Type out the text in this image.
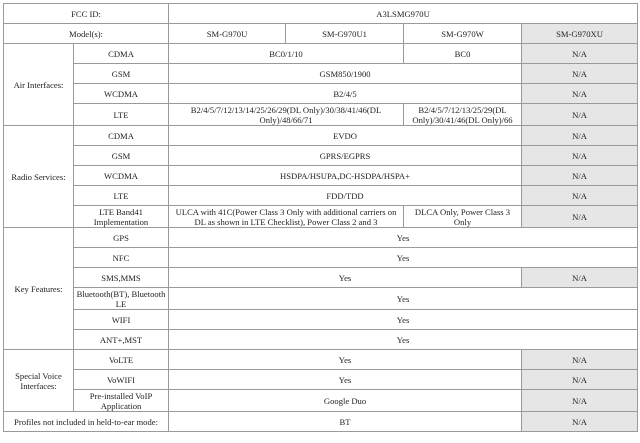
FCC ID:		A3LSMG970U			
Model(s):		SM-G970U	SM-G970U1	SM-G970W	SM-G970XU
Air Interfaces:	CDMA	BC0/1/10		BC0	N/A
	GSM	GSM850/1900			N/A
	WCDMA	B2/4/5			N/A
	LTE	B2/4/5/7/12/13/14/25/26/29(DL Only)/30/38/41/46(DL Only)/48/66/71		B2/4/5/7/12/13/25/29(DL Only)/30/41/46(DL Only)/66	N/A
Radio Services:	CDMA	EVDO			N/A
	GSM	GPRS/EGPRS			N/A
	WCDMA	HSDPA/HSUPA,DC-HSDPA/HSPA+			N/A
	LTE	FDD/TDD			N/A
	LTE Band41 Implementation	ULCA with 41C(Power Class 3 Only with additional carriers on DL as shown in LTE Checklist), Power Class 2 and 3		DLCA Only, Power Class 3 Only	N/A
Key Features:	GPS	Yes			
	NFC	Yes			
	SMS,MMS	Yes			N/A
	Bluetooth(BT), Bluetooth LE	Yes			
	WIFI	Yes			
	ANT+,MST	Yes			
Special Voice Interfaces:	VoLTE	Yes			N/A
	VoWIFI	Yes			N/A
	Pre-installed VoIP Application	Google Duo			N/A
Profiles not included in held-to-ear mode:		BT			N/A
